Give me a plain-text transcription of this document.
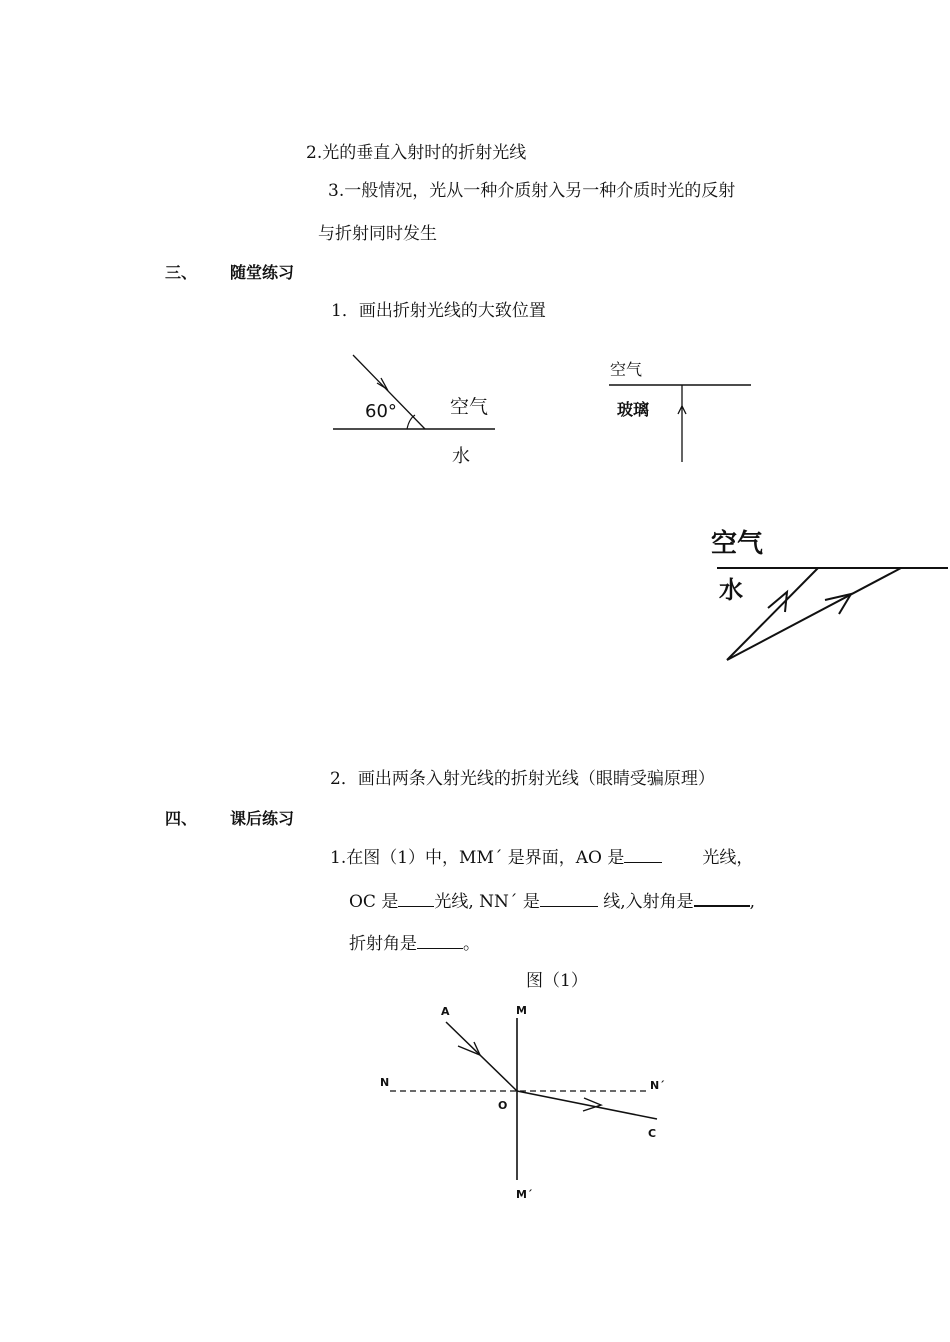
2.光的垂直入射时的折射光线
3.一般情况，光从一种介质射入另一种介质时光的反射
与折射同时发生
三、 随堂练习
1．画出折射光线的大致位置
60°	空气
水
空气
玻璃
空气
水
2．画出两条入射光线的折射光线（眼睛受骗原理）
四、 课后练习
1.在图（1）中，MM´ 是界面，AO 是	光线，
OC 是 光线, NN´ 是	线,入射角是	,
折射角是	。
图（1）
A	M
N	N´
O
C
M´
